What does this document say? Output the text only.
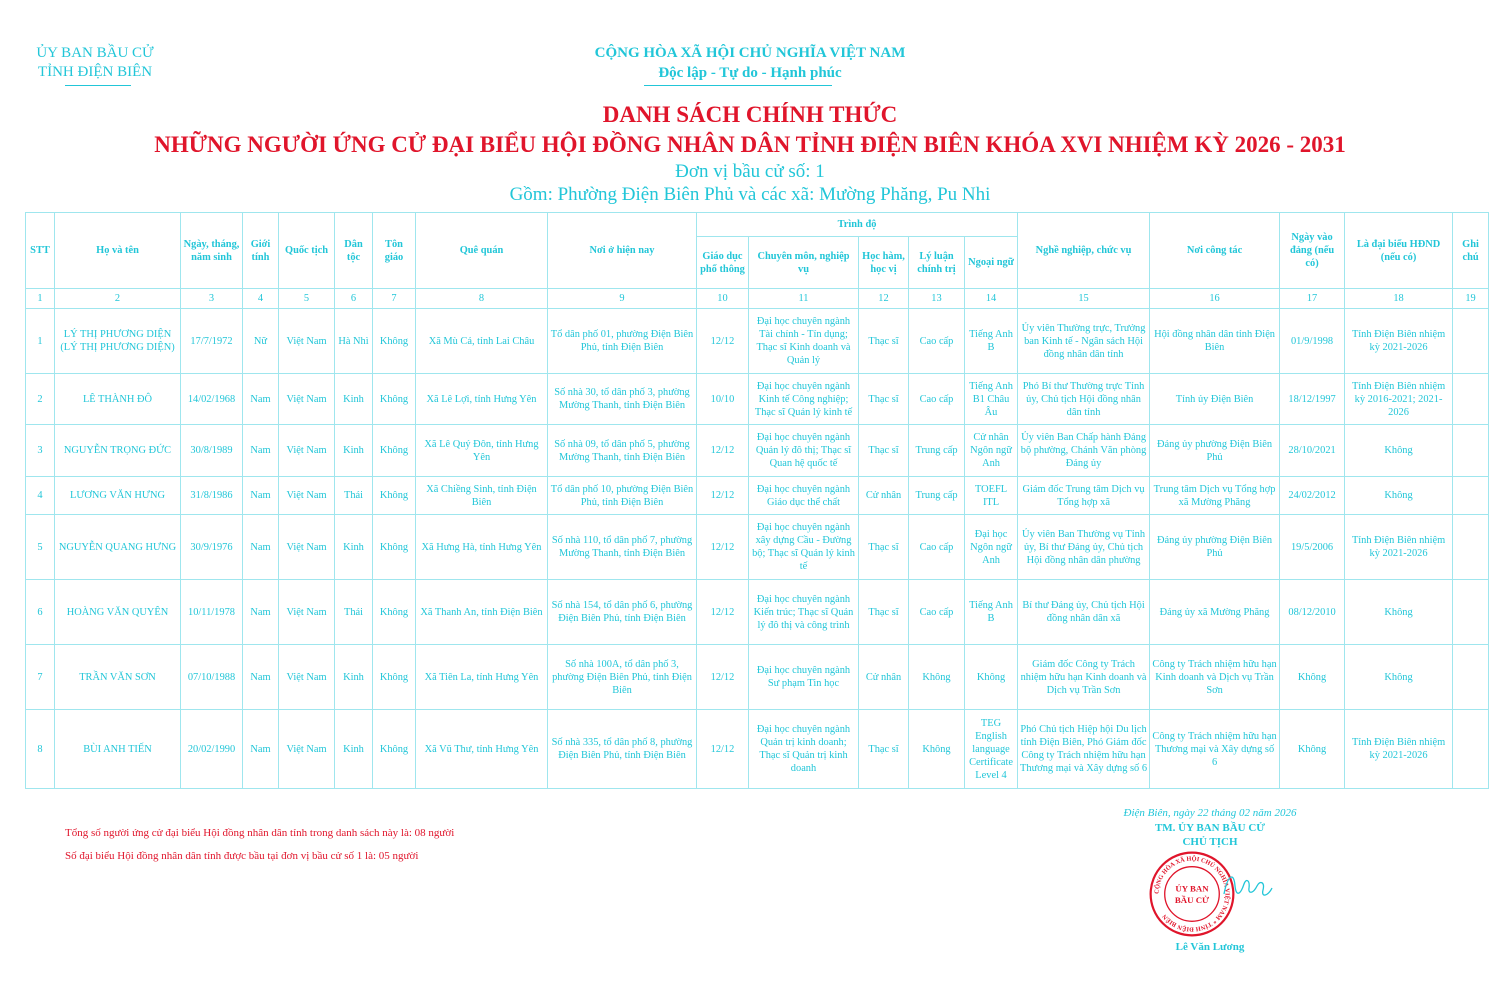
ỦY BAN BẦU CỬ
TỈNH ĐIỆN BIÊN
CỘNG HÒA XÃ HỘI CHỦ NGHĨA VIỆT NAM
Độc lập - Tự do - Hạnh phúc
DANH SÁCH CHÍNH THỨC
NHỮNG NGƯỜI ỨNG CỬ ĐẠI BIỂU HỘI ĐỒNG NHÂN DÂN TỈNH ĐIỆN BIÊN KHÓA XVI NHIỆM KỲ 2026 - 2031
Đơn vị bầu cử số: 1
Gồm: Phường Điện Biên Phủ và các xã: Mường Phăng, Pu Nhi
STT	Họ và tên	Ngày, tháng, năm sinh	Giới tính	Quốc tịch	Dân tộc	Tôn giáo	Quê quán	Nơi ở hiện nay	Trình độ					Nghề nghiệp, chức vụ	Nơi công tác	Ngày vào đảng (nếu có)	Là đại biểu HĐND (nếu có)	Ghi chú
									Giáo dục phổ thông	Chuyên môn, nghiệp vụ	Học hàm, học vị	Lý luận chính trị	Ngoại ngữ					
1	2	3	4	5	6	7	8	9	10	11	12	13	14	15	16	17	18	19
1	LÝ THỊ PHƯƠNG DIỆN (LÝ THỊ PHƯƠNG DIỆN)	17/7/1972	Nữ	Việt Nam	Hà Nhì	Không	Xã Mù Cả, tỉnh Lai Châu	Tổ dân phố 01, phường Điện Biên Phủ, tỉnh Điện Biên	12/12	Đại học chuyên ngành Tài chính - Tín dụng; Thạc sĩ Kinh doanh và Quản lý	Thạc sĩ	Cao cấp	Tiếng Anh B	Ủy viên Thường trực, Trưởng ban Kinh tế - Ngân sách Hội đồng nhân dân tỉnh	Hội đồng nhân dân tỉnh Điện Biên	01/9/1998	Tỉnh Điện Biên nhiệm kỳ 2021-2026	
2	LÊ THÀNH ĐÔ	14/02/1968	Nam	Việt Nam	Kinh	Không	Xã Lê Lợi, tỉnh Hưng Yên	Số nhà 30, tổ dân phố 3, phường Mường Thanh, tỉnh Điện Biên	10/10	Đại học chuyên ngành Kinh tế Công nghiệp; Thạc sĩ Quản lý kinh tế	Thạc sĩ	Cao cấp	Tiếng Anh B1 Châu Âu	Phó Bí thư Thường trực Tỉnh ủy, Chủ tịch Hội đồng nhân dân tỉnh	Tỉnh ủy Điện Biên	18/12/1997	Tỉnh Điện Biên nhiệm kỳ 2016-2021; 2021-2026	
3	NGUYỄN TRỌNG ĐỨC	30/8/1989	Nam	Việt Nam	Kinh	Không	Xã Lê Quý Đôn, tỉnh Hưng Yên	Số nhà 09, tổ dân phố 5, phường Mường Thanh, tỉnh Điện Biên	12/12	Đại học chuyên ngành Quản lý đô thị; Thạc sĩ Quan hệ quốc tế	Thạc sĩ	Trung cấp	Cử nhân Ngôn ngữ Anh	Ủy viên Ban Chấp hành Đảng bộ phường, Chánh Văn phòng Đảng ủy	Đảng ủy phường Điện Biên Phủ	28/10/2021	Không	
4	LƯƠNG VĂN HƯNG	31/8/1986	Nam	Việt Nam	Thái	Không	Xã Chiềng Sinh, tỉnh Điện Biên	Tổ dân phố 10, phường Điện Biên Phủ, tỉnh Điện Biên	12/12	Đại học chuyên ngành Giáo dục thể chất	Cử nhân	Trung cấp	TOEFL ITL	Giám đốc Trung tâm Dịch vụ Tổng hợp xã	Trung tâm Dịch vụ Tổng hợp xã Mường Phăng	24/02/2012	Không	
5	NGUYỄN QUANG HƯNG	30/9/1976	Nam	Việt Nam	Kinh	Không	Xã Hưng Hà, tỉnh Hưng Yên	Số nhà 110, tổ dân phố 7, phường Mường Thanh, tỉnh Điện Biên	12/12	Đại học chuyên ngành xây dựng Cầu - Đường bộ; Thạc sĩ Quản lý kinh tế	Thạc sĩ	Cao cấp	Đại học Ngôn ngữ Anh	Ủy viên Ban Thường vụ Tỉnh ủy, Bí thư Đảng ủy, Chủ tịch Hội đồng nhân dân phường	Đảng ủy phường Điện Biên Phủ	19/5/2006	Tỉnh Điện Biên nhiệm kỳ 2021-2026	
6	HOÀNG VĂN QUYÊN	10/11/1978	Nam	Việt Nam	Thái	Không	Xã Thanh An, tỉnh Điện Biên	Số nhà 154, tổ dân phố 6, phường Điện Biên Phủ, tỉnh Điện Biên	12/12	Đại học chuyên ngành Kiến trúc; Thạc sĩ Quản lý đô thị và công trình	Thạc sĩ	Cao cấp	Tiếng Anh B	Bí thư Đảng ủy, Chủ tịch Hội đồng nhân dân xã	Đảng ủy xã Mường Phăng	08/12/2010	Không	
7	TRẦN VĂN SƠN	07/10/1988	Nam	Việt Nam	Kinh	Không	Xã Tiên La, tỉnh Hưng Yên	Số nhà 100A, tổ dân phố 3, phường Điện Biên Phủ, tỉnh Điện Biên	12/12	Đại học chuyên ngành Sư phạm Tin học	Cử nhân	Không	Không	Giám đốc Công ty Trách nhiệm hữu hạn Kinh doanh và Dịch vụ Trần Sơn	Công ty Trách nhiệm hữu hạn Kinh doanh và Dịch vụ Trần Sơn	Không	Không	
8	BÙI ANH TIẾN	20/02/1990	Nam	Việt Nam	Kinh	Không	Xã Vũ Thư, tỉnh Hưng Yên	Số nhà 335, tổ dân phố 8, phường Điện Biên Phủ, tỉnh Điện Biên	12/12	Đại học chuyên ngành Quản trị kinh doanh; Thạc sĩ Quản trị kinh doanh	Thạc sĩ	Không	TEG English language Certificate Level 4	Phó Chủ tịch Hiệp hội Du lịch tỉnh Điện Biên, Phó Giám đốc Công ty Trách nhiệm hữu hạn Thương mại và Xây dựng số 6	Công ty Trách nhiệm hữu hạn Thương mại và Xây dựng số 6	Không	Tỉnh Điện Biên nhiệm kỳ 2021-2026	
Tổng số người ứng cử đại biểu Hội đồng nhân dân tỉnh trong danh sách này là: 08 người
Số đại biểu Hội đồng nhân dân tỉnh được bầu tại đơn vị bầu cử số 1 là: 05 người
Điện Biên, ngày 22 tháng 02 năm 2026
TM. ỦY BAN BẦU CỬ
CHỦ TỊCH
CỘNG HÒA XÃ HỘI CHỦ NGHĨA VIỆT NAM * TỈNH ĐIỆN BIÊN
ỦY BAN
BẦU CỬ
Lê Văn Lương
